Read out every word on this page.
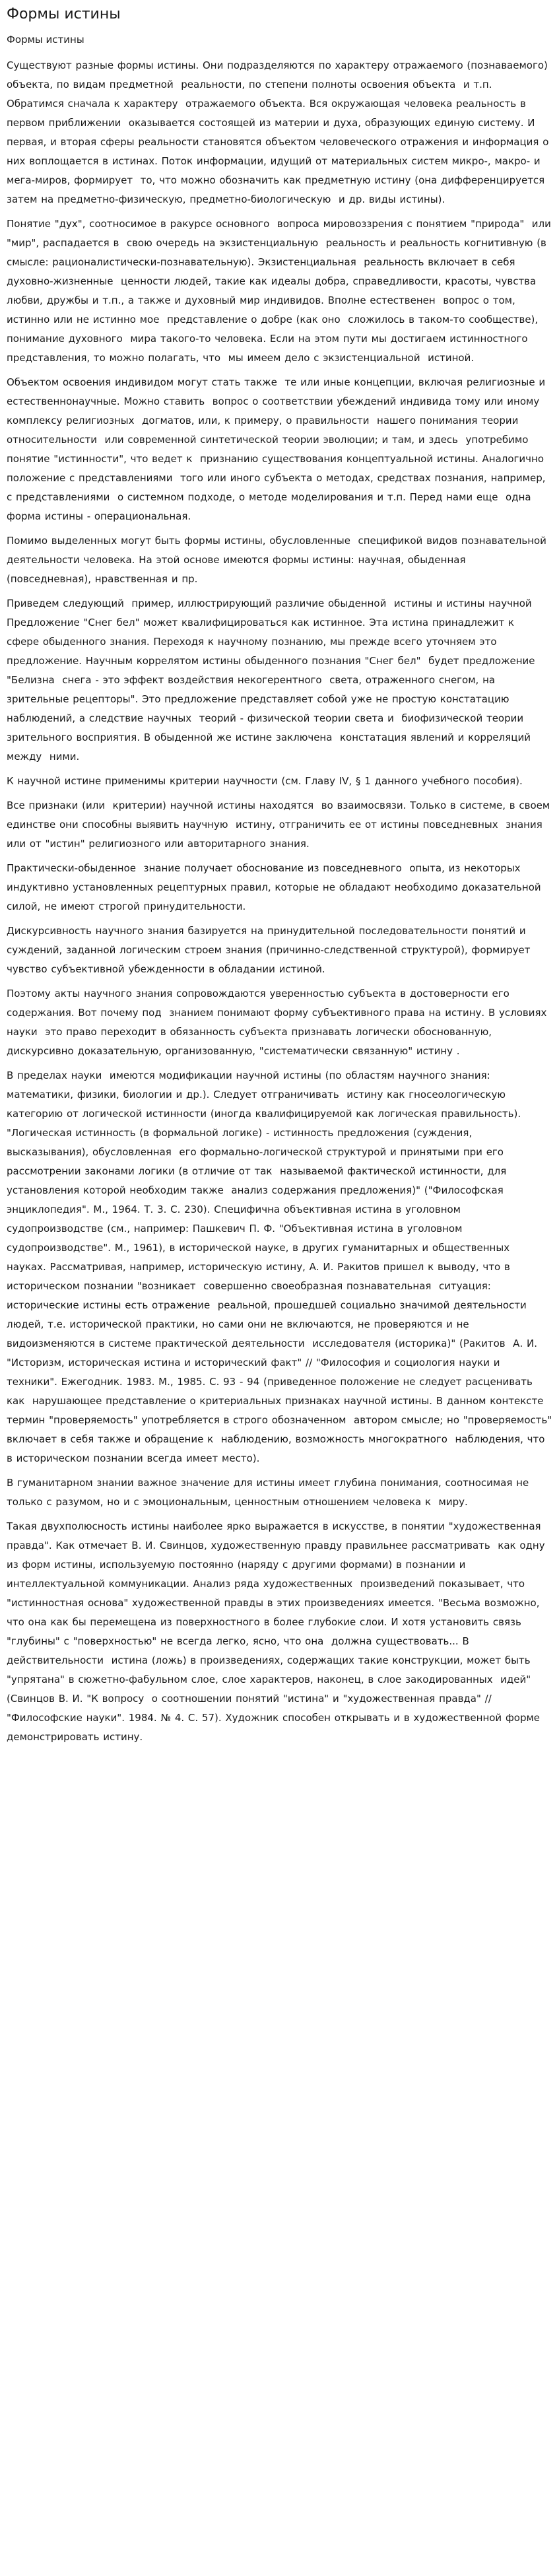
Формы истины
Формы истины

Существуют разные формы истины. Они подразделяются по характеру отражаемого (познаваемого) объекта, по видам предметной  реальности, по степени полноты освоения объекта  и т.п. Обратимся сначала к характеру  отражаемого объекта. Вся окружающая человека реальность в первом приближении  оказывается состоящей из материи и духа, образующих единую систему. И первая, и вторая сферы реальности становятся объектом человеческого отражения и информация о них воплощается в истинах. Поток информации, идущий от материальных систем микро-, макро- и мега-миров, формирует  то, что можно обозначить как предметную истину (она дифференцируется  затем на предметно-физическую, предметно-биологическую  и др. виды истины).

Понятие "дух", соотносимое в ракурсе основного  вопроса мировоззрения с понятием "природа"  или "мир", распадается в  свою очередь на экзистенциальную  реальность и реальность когнитивную (в смысле: рационалистически-познавательную). Экзистенциальная  реальность включает в себя духовно-жизненные  ценности людей, такие как идеалы добра, справедливости, красоты, чувства  любви, дружбы и т.п., а также и духовный мир индивидов. Вполне естественен  вопрос о том, истинно или не истинно мое  представление о добре (как оно  сложилось в таком-то сообществе), понимание духовного  мира такого-то человека. Если на этом пути мы достигаем истинностного представления, то можно полагать, что  мы имеем дело с экзистенциальной  истиной.

Объектом освоения индивидом могут стать также  те или иные концепции, включая религиозные и  естественнонаучные. Можно ставить  вопрос о соответствии убеждений индивида тому или иному комплексу религиозных  догматов, или, к примеру, о правильности  нашего понимания теории относительности  или современной синтетической теории эволюции; и там, и здесь  употребимо понятие "истинности", что ведет к  признанию существования концептуальной истины. Аналогично положение с представлениями  того или иного субъекта о методах, средствах познания, например, с представлениями  о системном подходе, о методе моделирования и т.п. Перед нами еще  одна форма истины - операциональная.

Помимо выделенных могут быть формы истины, обусловленные  спецификой видов познавательной  деятельности человека. На этой основе имеются формы истины: научная, обыденная (повседневная), нравственная и пр.

Приведем следующий  пример, иллюстрирующий различие обыденной  истины и истины научной Предложение "Снег бел" может квалифицироваться как истинное. Эта истина принадлежит к  сфере обыденного знания. Переходя к научному познанию, мы прежде всего уточняем это предложение. Научным коррелятом истины обыденного познания "Снег бел"  будет предложение "Белизна  снега - это эффект воздействия некогерентного  света, отраженного снегом, на зрительные рецепторы". Это предложение представляет собой уже не простую констатацию  наблюдений, а следствие научных  теорий - физической теории света и  биофизической теории зрительного восприятия. В обыденной же истине заключена  констатация явлений и корреляций между  ними.

К научной истине применимы критерии научности (см. Главу IV, § 1 данного учебного пособия).

Все признаки (или  критерии) научной истины находятся  во взаимосвязи. Только в системе, в своем  единстве они способны выявить научную  истину, отграничить ее от истины повседневных  знания или от "истин" религиозного или авторитарного знания.

Практически-обыденное  знание получает обоснование из повседневного  опыта, из некоторых индуктивно установленных рецептурных правил, которые не обладают необходимо доказательной  силой, не имеют строгой принудительности.

Дискурсивность научного знания базируется на принудительной последовательности понятий и суждений, заданной логическим строем знания (причинно-следственной структурой), формирует  чувство субъективной убежденности в обладании истиной.

Поэтому акты научного знания сопровождаются уверенностью субъекта в достоверности его содержания. Вот почему под  знанием понимают форму субъективного права на истину. В условиях науки  это право переходит в обязанность субъекта признавать логически обоснованную, дискурсивно доказательную, организованную, "систематически связанную" истину .

В пределах науки  имеются модификации научной истины (по областям научного знания: математики, физики, биологии и др.). Следует отграничивать  истину как гносеологическую  категорию от логической истинности (иногда квалифицируемой как логическая правильность). "Логическая истинность (в формальной логике) - истинность предложения (суждения, высказывания), обусловленная  его формально-логической структурой и принятыми при его рассмотрении законами логики (в отличие от так  называемой фактической истинности, для установления которой необходим также  анализ содержания предложения)" ("Философская  энциклопедия". М., 1964. Т. 3. С. 230). Специфична объективная истина в уголовном судопроизводстве (см., например: Пашкевич П. Ф. "Объективная истина в уголовном судопроизводстве". М., 1961), в исторической науке, в других гуманитарных и общественных  науках. Рассматривая, например, историческую истину, А. И. Ракитов пришел к выводу, что в историческом познании "возникает  совершенно своеобразная познавательная  ситуация: исторические истины есть отражение  реальной, прошедшей социально значимой деятельности людей, т.е. исторической практики, но сами они не включаются, не проверяются и не видоизменяются в системе практической деятельности  исследователя (историка)" (Ракитов  А. И. "Историзм, историческая истина и исторический факт" // "Философия и социология науки и техники". Ежегодник. 1983. М., 1985. С. 93 - 94 (приведенное положение не следует расценивать как  нарушающее представление о критериальных признаках научной истины. В данном контексте термин "проверяемость" употребляется в строго обозначенном  автором смысле; но "проверяемость" включает в себя также и обращение к  наблюдению, возможность многократного  наблюдения, что в историческом познании всегда имеет место).

В гуманитарном знании важное значение для истины имеет глубина понимания, соотносимая не только с разумом, но и с эмоциональным, ценностным отношением человека к  миру.

Такая двухполюсность истины наиболее ярко выражается в искусстве, в понятии "художественная правда". Как отмечает В. И. Свинцов, художественную правду правильнее рассматривать  как одну из форм истины, используемую постоянно (наряду с другими формами) в познании и интеллектуальной коммуникации. Анализ ряда художественных  произведений показывает, что "истинностная основа" художественной правды в этих произведениях имеется. "Весьма возможно, что она как бы перемещена из поверхностного в более глубокие слои. И хотя установить связь "глубины" с "поверхностью" не всегда легко, ясно, что она  должна существовать... В действительности  истина (ложь) в произведениях, содержащих такие конструкции, может быть "упрятана" в сюжетно-фабульном слое, слое характеров, наконец, в слое закодированных  идей" (Свинцов В. И. "К вопросу  о соотношении понятий "истина" и "художественная правда" // "Философские науки". 1984. № 4. С. 57). Художник способен открывать и в художественной форме демонстрировать истину.
